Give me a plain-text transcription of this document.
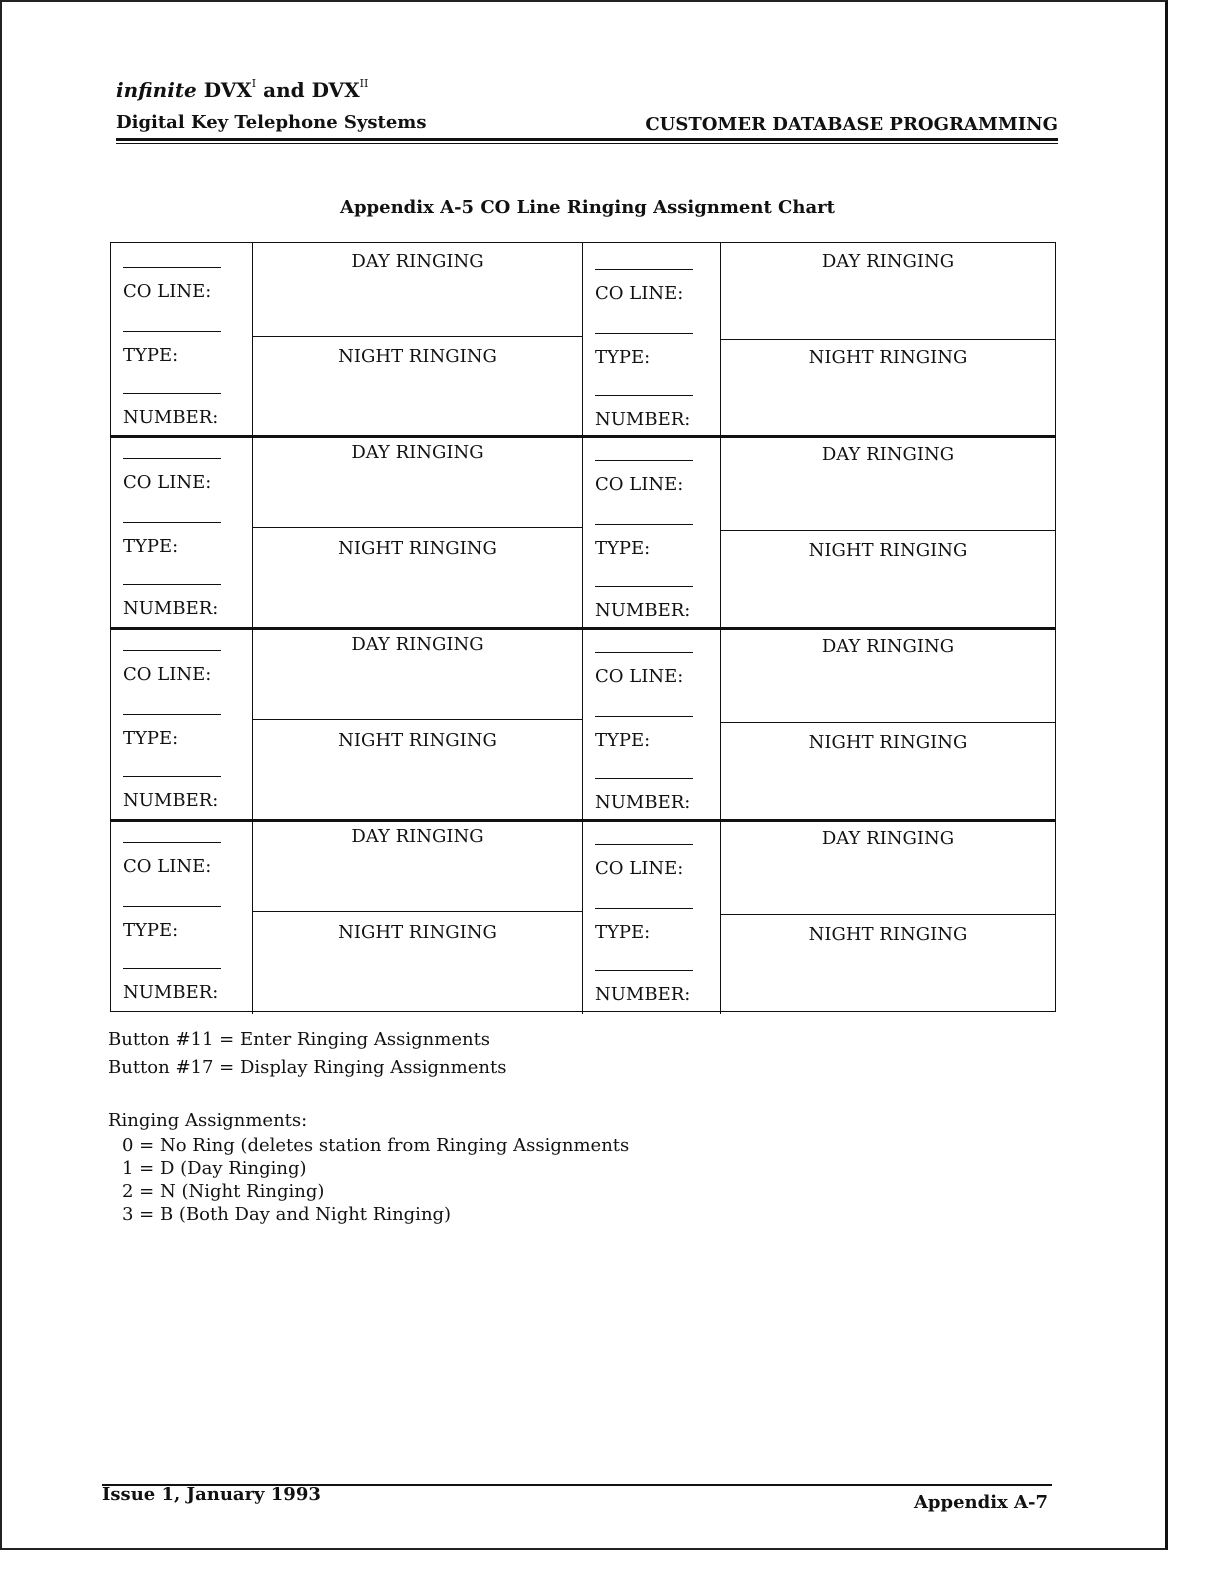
infinite $DVX^I$ and $DVX^{II}$
Digital Key Telephone Systems	CUSTOMER DATABASE PROGRAMMING
Appendix A-5 CO Line Ringing Assignment Chart
CO LINE:
TYPE:
NUMBER:
DAY RINGING
NIGHT RINGING
CO LINE:
TYPE:
NUMBER:
DAY RINGING
NIGHT RINGING
CO LINE:
TYPE:
NUMBER:
DAY RINGING
NIGHT RINGING
CO LINE:
TYPE:
NUMBER:
DAY RINGING
NIGHT RINGING
CO LINE:
TYPE:
NUMBER:
DAY RINGING
NIGHT RINGING
CO LINE:
TYPE:
NUMBER:
DAY RINGING
NIGHT RINGING
CO LINE:
TYPE:
NUMBER:
DAY RINGING
NIGHT RINGING
CO LINE:
TYPE:
NUMBER:
DAY RINGING
NIGHT RINGING
Button #11 = Enter Ringing Assignments
Button #17 = Display Ringing Assignments
Ringing Assignments:
0 = No Ring (deletes station from Ringing Assignments
1 = D (Day Ringing)
2 = N (Night Ringing)
3 = B (Both Day and Night Ringing)
Issue 1, January 1993	Appendix A-7
